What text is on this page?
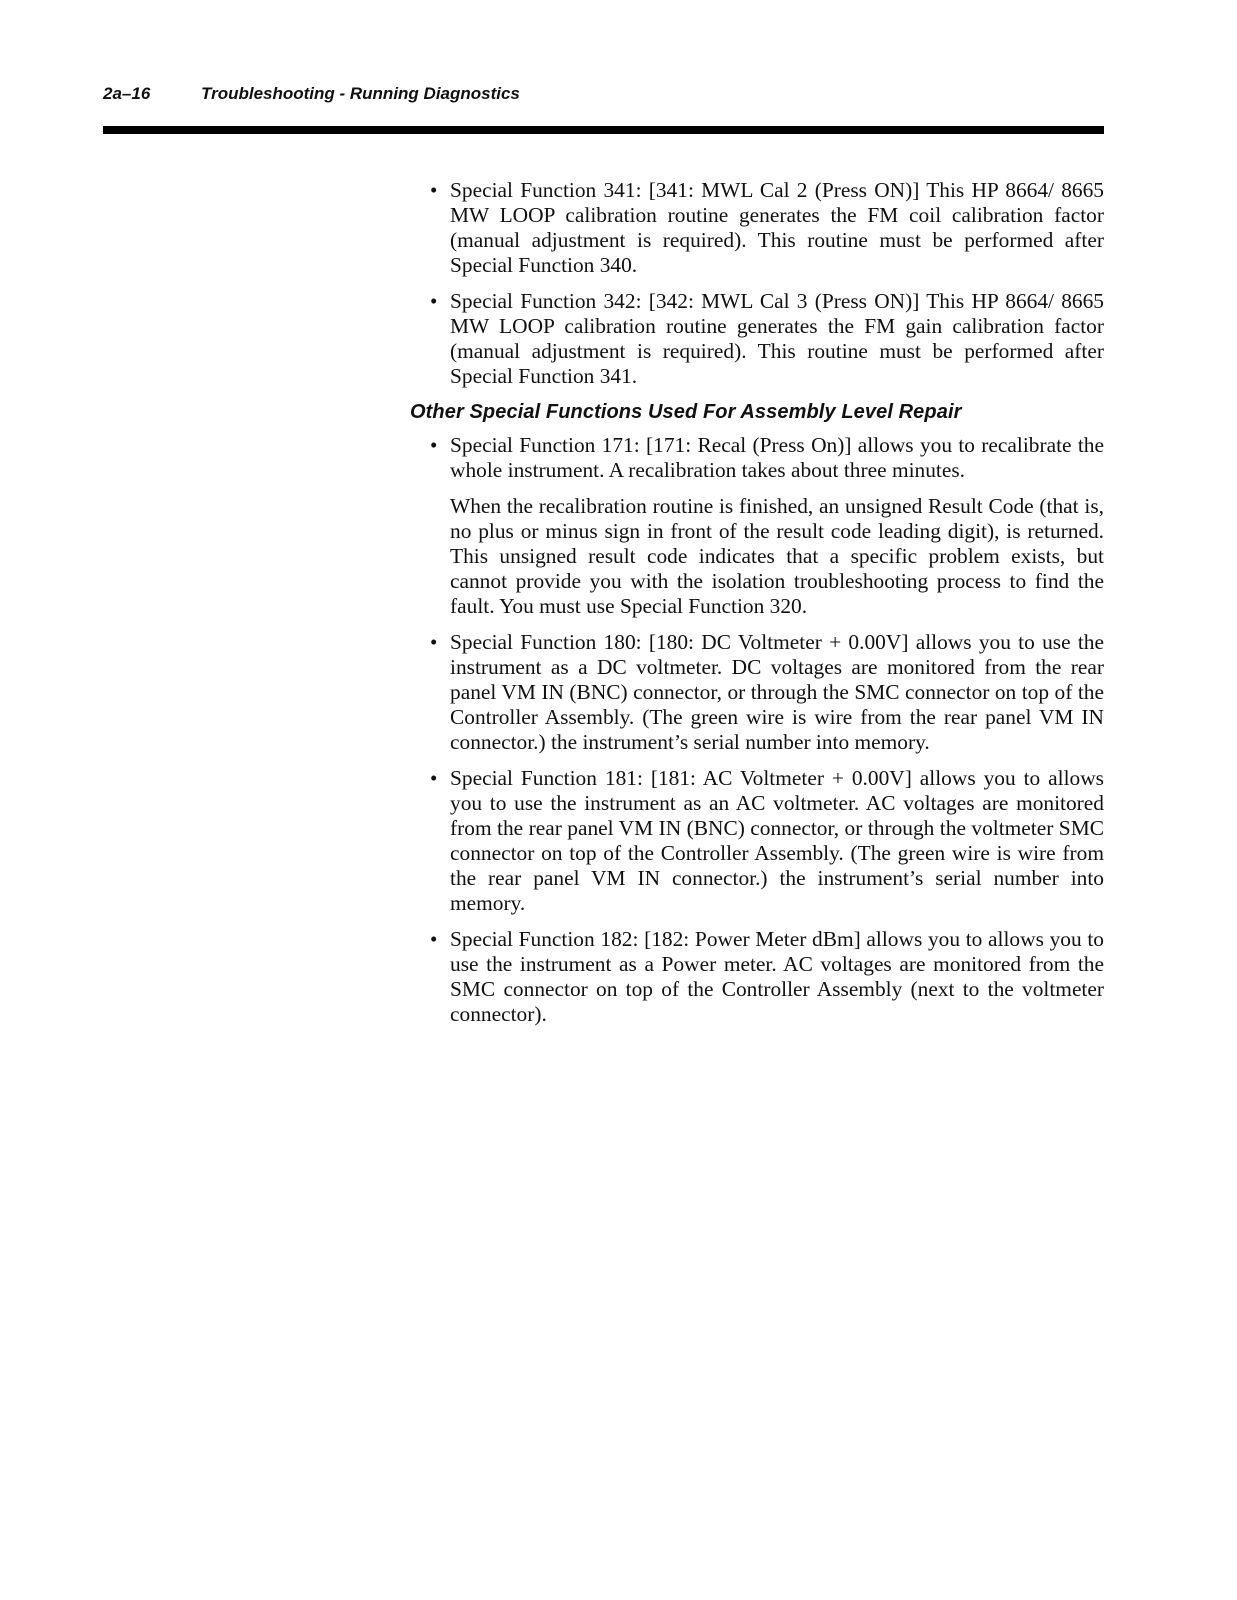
2a–16	Troubleshooting - Running Diagnostics
• Special Function 341: [341: MWL Cal 2 (Press ON)] This HP 8664/ 8665 MW LOOP calibration routine generates the FM coil calibration factor (manual adjustment is required). This routine must be performed after Special Function 340.

• Special Function 342: [342: MWL Cal 3 (Press ON)] This HP 8664/ 8665 MW LOOP calibration routine generates the FM gain calibration factor (manual adjustment is required). This routine must be performed after Special Function 341.

Other Special Functions Used For Assembly Level Repair
• Special Function 171: [171: Recal (Press On)] allows you to recalibrate the whole instrument. A recalibration takes about three minutes.

When the recalibration routine is finished, an unsigned Result Code (that is, no plus or minus sign in front of the result code leading digit), is returned. This unsigned result code indicates that a specific problem exists, but cannot provide you with the isolation troubleshooting process to find the fault. You must use Special Function 320.

• Special Function 180: [180: DC Voltmeter + 0.00V] allows you to use the instrument as a DC voltmeter. DC voltages are monitored from the rear panel VM IN (BNC) connector, or through the SMC connector on top of the Controller Assembly. (The green wire is wire from the rear panel VM IN connector.) the instrument’s serial number into memory.

• Special Function 181: [181: AC Voltmeter + 0.00V] allows you to allows you to use the instrument as an AC voltmeter. AC voltages are monitored from the rear panel VM IN (BNC) connector, or through the voltmeter SMC connector on top of the Controller Assembly. (The green wire is wire from the rear panel VM IN connector.) the instrument’s serial number into memory.

• Special Function 182: [182: Power Meter dBm] allows you to allows you to use the instrument as a Power meter. AC voltages are monitored from the SMC connector on top of the Controller Assembly (next to the voltmeter connector).
